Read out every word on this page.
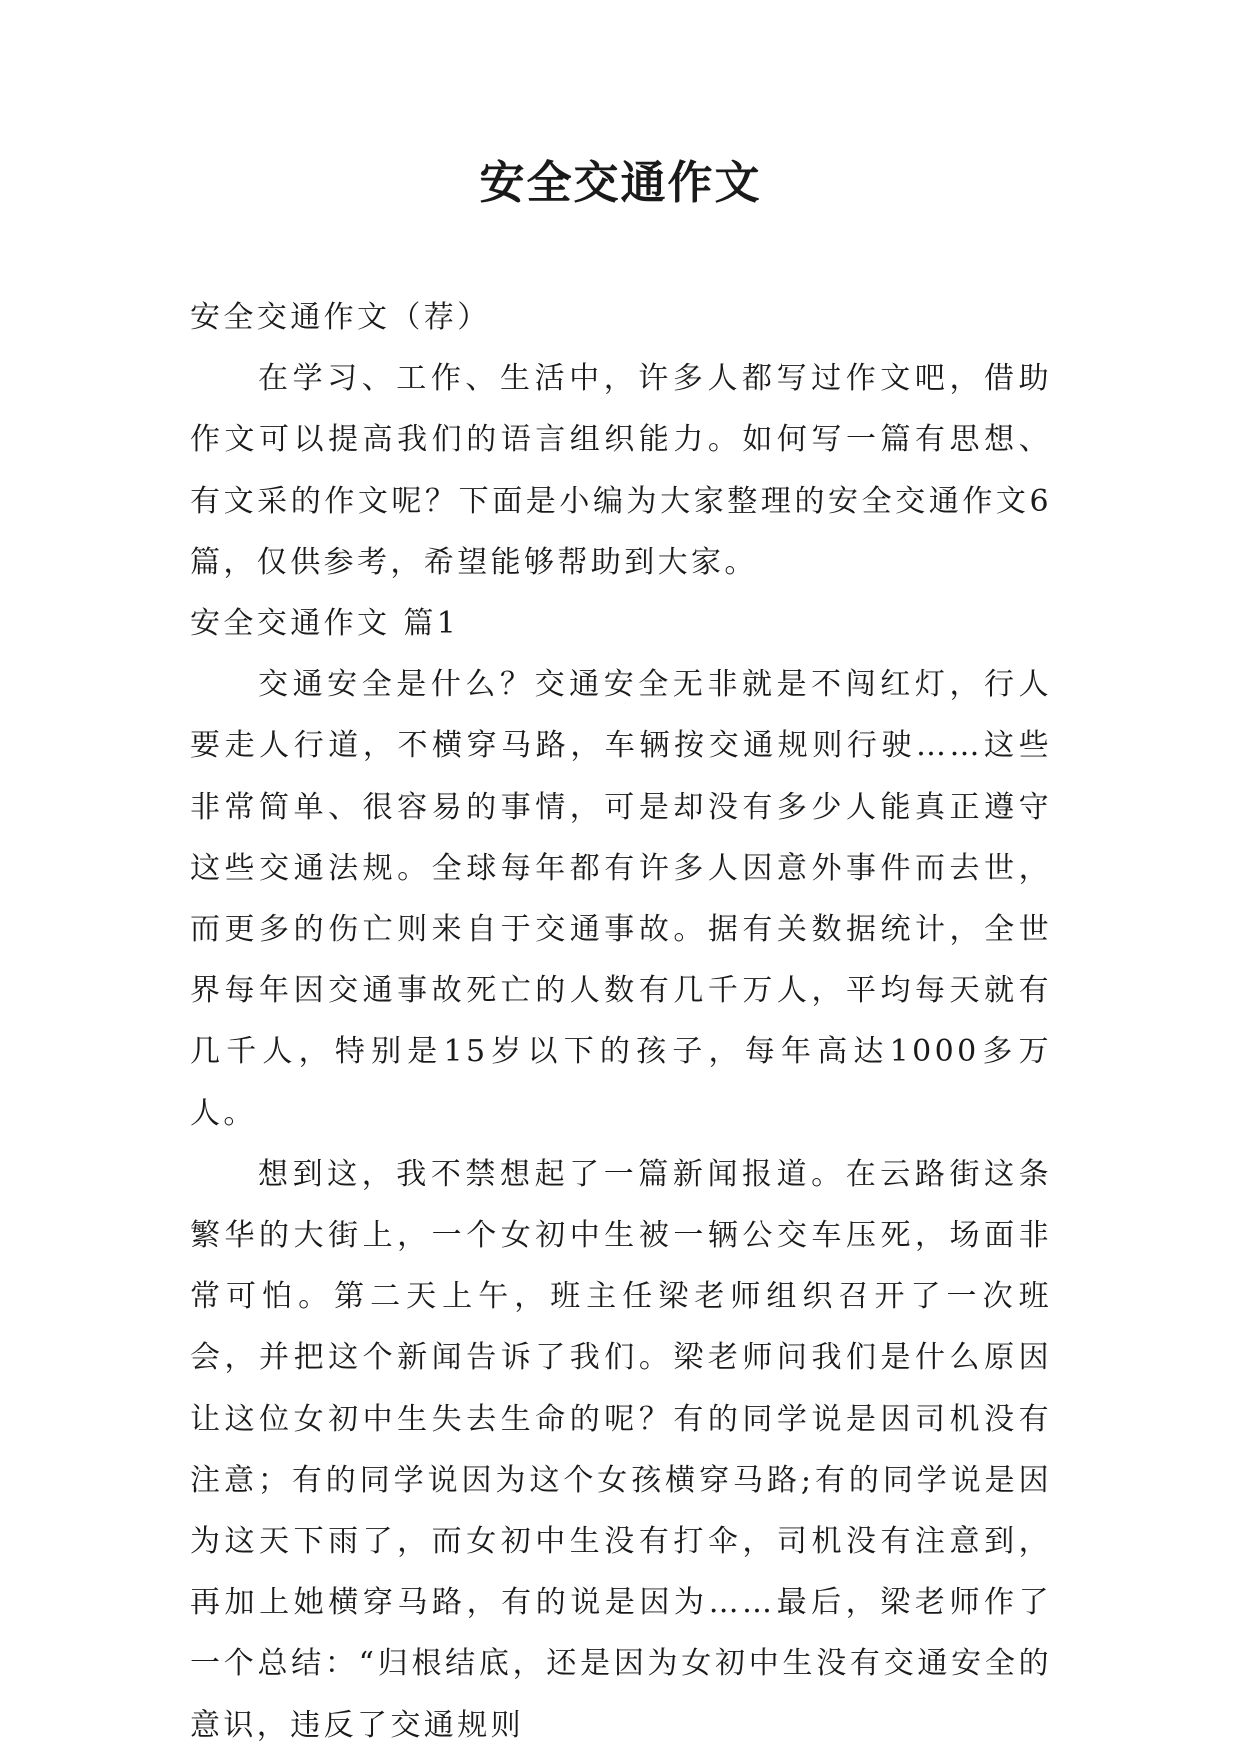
安全交通作文

安全交通作文（荐）

在学习、工作、生活中，许多人都写过作文吧，借助作文可以提高我们的语言组织能力。如何写一篇有思想、有文采的作文呢？下面是小编为大家整理的安全交通作文6篇，仅供参考，希望能够帮助到大家。

安全交通作文 篇1

交通安全是什么？交通安全无非就是不闯红灯，行人要走人行道，不横穿马路，车辆按交通规则行驶……这些非常简单、很容易的事情，可是却没有多少人能真正遵守这些交通法规。全球每年都有许多人因意外事件而去世，而更多的伤亡则来自于交通事故。据有关数据统计，全世界每年因交通事故死亡的人数有几千万人，平均每天就有几千人，特别是15岁以下的孩子，每年高达1000多万人。

想到这，我不禁想起了一篇新闻报道。在云路街这条繁华的大街上，一个女初中生被一辆公交车压死，场面非常可怕。第二天上午，班主任梁老师组织召开了一次班会，并把这个新闻告诉了我们。梁老师问我们是什么原因让这位女初中生失去生命的呢？有的同学说是因司机没有注意；有的同学说因为这个女孩横穿马路;有的同学说是因为这天下雨了，而女初中生没有打伞，司机没有注意到，再加上她横穿马路，有的说是因为……最后，梁老师作了一个总结：“归根结底，还是因为女初中生没有交通安全的意识，违反了交通规则
